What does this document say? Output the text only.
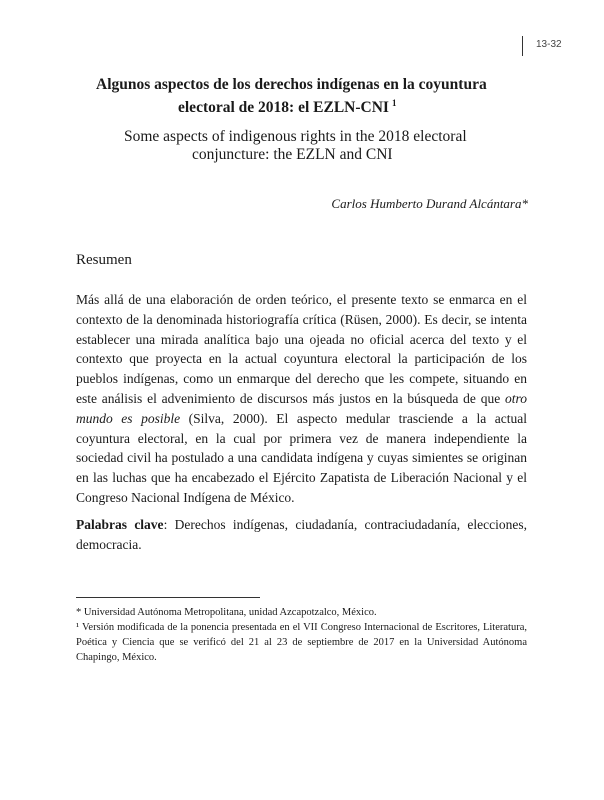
13-32
Algunos aspectos de los derechos indígenas en la coyuntura
electoral de 2018: el EZLN-CNI  $^1$
Some aspects of indigenous rights in the 2018 electoral
conjuncture: the EZLN and CNI
Carlos Humberto Durand Alcántara*
Resumen

Más allá de una elaboración de orden teórico, el presente texto se enmarca en el contexto de la denominada historiografía crítica (Rüsen, 2000). Es decir, se intenta establecer una mirada analítica bajo una ojeada no oficial acerca del texto y el contexto que proyecta en la actual coyuntura electoral la participación de los pueblos indígenas, como un enmarque del derecho que les compete, situando en este análisis el advenimiento de discursos más justos en la búsqueda de que otro mundo es posible (Silva, 2000). El aspecto medular trasciende a la actual coyuntura electoral, en la cual por primera vez de manera independiente la sociedad civil ha postulado a una candidata indígena y cuyas simientes se originan en las luchas que ha encabezado el Ejército Zapatista de Liberación Nacional y el Congreso Nacional Indígena de México.

Palabras clave: Derechos indígenas, ciudadanía, contraciudadanía, elecciones, democracia.

* Universidad Autónoma Metropolitana, unidad Azcapotzalco, México.

¹ Versión modificada de la ponencia presentada en el VII Congreso Internacional de Escritores, Literatura, Poética y Ciencia que se verificó del 21 al 23 de septiembre de 2017 en la Universidad Autónoma Chapingo, México.
